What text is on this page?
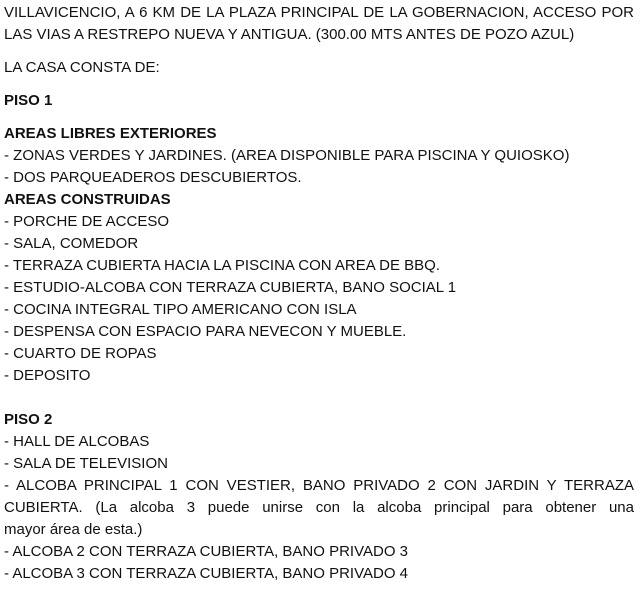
VILLAVICENCIO, A 6 KM DE LA PLAZA PRINCIPAL DE LA GOBERNACION, ACCESO POR
LAS VIAS A RESTREPO NUEVA Y ANTIGUA. (300.00 MTS ANTES DE POZO AZUL)
LA CASA CONSTA DE:
PISO 1
AREAS LIBRES EXTERIORES
- ZONAS VERDES Y JARDINES. (AREA DISPONIBLE PARA PISCINA Y QUIOSKO)
- DOS PARQUEADEROS DESCUBIERTOS.
AREAS CONSTRUIDAS
- PORCHE DE ACCESO
- SALA, COMEDOR
- TERRAZA CUBIERTA HACIA LA PISCINA CON AREA DE BBQ.
- ESTUDIO-ALCOBA CON TERRAZA CUBIERTA, BANO SOCIAL 1
- COCINA INTEGRAL TIPO AMERICANO CON ISLA
- DESPENSA CON ESPACIO PARA NEVECON Y MUEBLE.
- CUARTO DE ROPAS
- DEPOSITO
PISO 2
- HALL DE ALCOBAS
- SALA DE TELEVISION
- ALCOBA PRINCIPAL 1 CON VESTIER, BANO PRIVADO 2 CON JARDIN Y TERRAZA
CUBIERTA. (La alcoba 3 puede unirse con la alcoba principal para obtener una
mayor área de esta.)
- ALCOBA 2 CON TERRAZA CUBIERTA, BANO PRIVADO 3
- ALCOBA 3 CON TERRAZA CUBIERTA, BANO PRIVADO 4
